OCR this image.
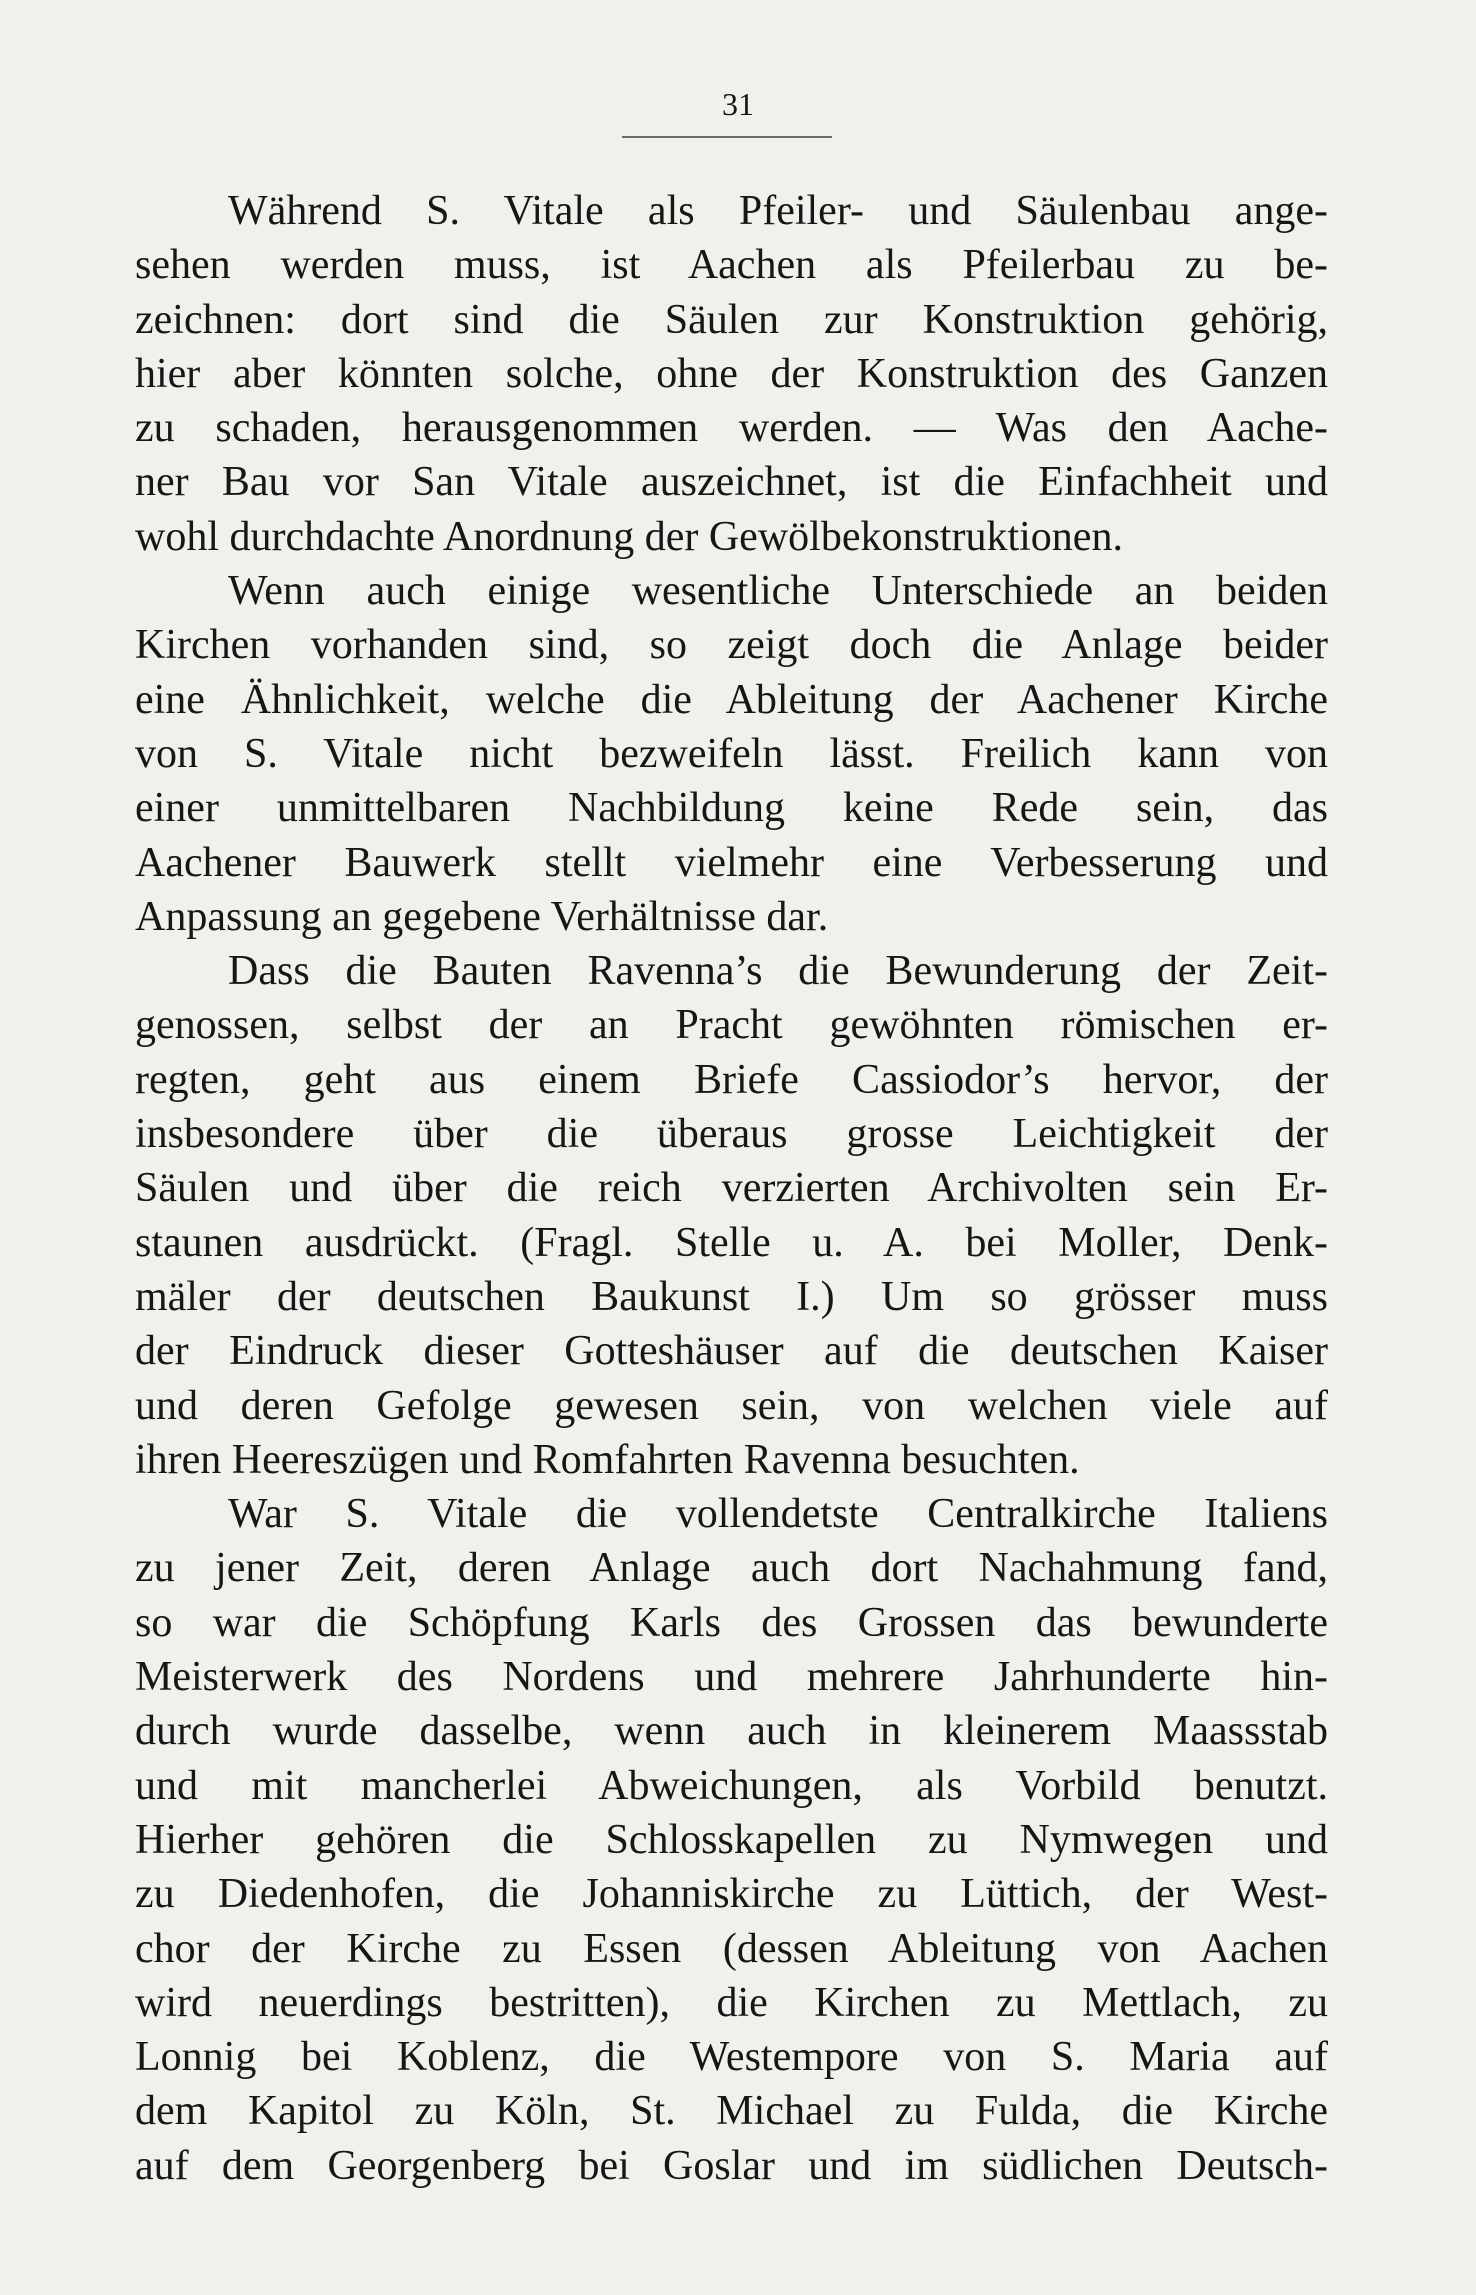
31
Während S. Vitale als Pfeiler- und Säulenbau ange-
sehen werden muss, ist Aachen als Pfeilerbau zu be-
zeichnen: dort sind die Säulen zur Konstruktion gehörig,
hier aber könnten solche, ohne der Konstruktion des Ganzen
zu schaden, herausgenommen werden. — Was den Aache-
ner Bau vor San Vitale auszeichnet, ist die Einfachheit und
wohl durchdachte Anordnung der Gewölbekonstruktionen.
Wenn auch einige wesentliche Unterschiede an beiden
Kirchen vorhanden sind, so zeigt doch die Anlage beider
eine Ähnlichkeit, welche die Ableitung der Aachener Kirche
von S. Vitale nicht bezweifeln lässt. Freilich kann von
einer unmittelbaren Nachbildung keine Rede sein, das
Aachener Bauwerk stellt vielmehr eine Verbesserung und
Anpassung an gegebene Verhältnisse dar.
Dass die Bauten Ravenna’s die Bewunderung der Zeit-
genossen, selbst der an Pracht gewöhnten römischen er-
regten, geht aus einem Briefe Cassiodor’s hervor, der
insbesondere über die überaus grosse Leichtigkeit der
Säulen und über die reich verzierten Archivolten sein Er-
staunen ausdrückt. (Fragl. Stelle u. A. bei Moller, Denk-
mäler der deutschen Baukunst I.) Um so grösser muss
der Eindruck dieser Gotteshäuser auf die deutschen Kaiser
und deren Gefolge gewesen sein, von welchen viele auf
ihren Heereszügen und Romfahrten Ravenna besuchten.
War S. Vitale die vollendetste Centralkirche Italiens
zu jener Zeit, deren Anlage auch dort Nachahmung fand,
so war die Schöpfung Karls des Grossen das bewunderte
Meisterwerk des Nordens und mehrere Jahrhunderte hin-
durch wurde dasselbe, wenn auch in kleinerem Maassstab
und mit mancherlei Abweichungen, als Vorbild benutzt.
Hierher gehören die Schlosskapellen zu Nymwegen und
zu Diedenhofen, die Johanniskirche zu Lüttich, der West-
chor der Kirche zu Essen (dessen Ableitung von Aachen
wird neuerdings bestritten), die Kirchen zu Mettlach, zu
Lonnig bei Koblenz, die Westempore von S. Maria auf
dem Kapitol zu Köln, St. Michael zu Fulda, die Kirche
auf dem Georgenberg bei Goslar und im südlichen Deutsch-
